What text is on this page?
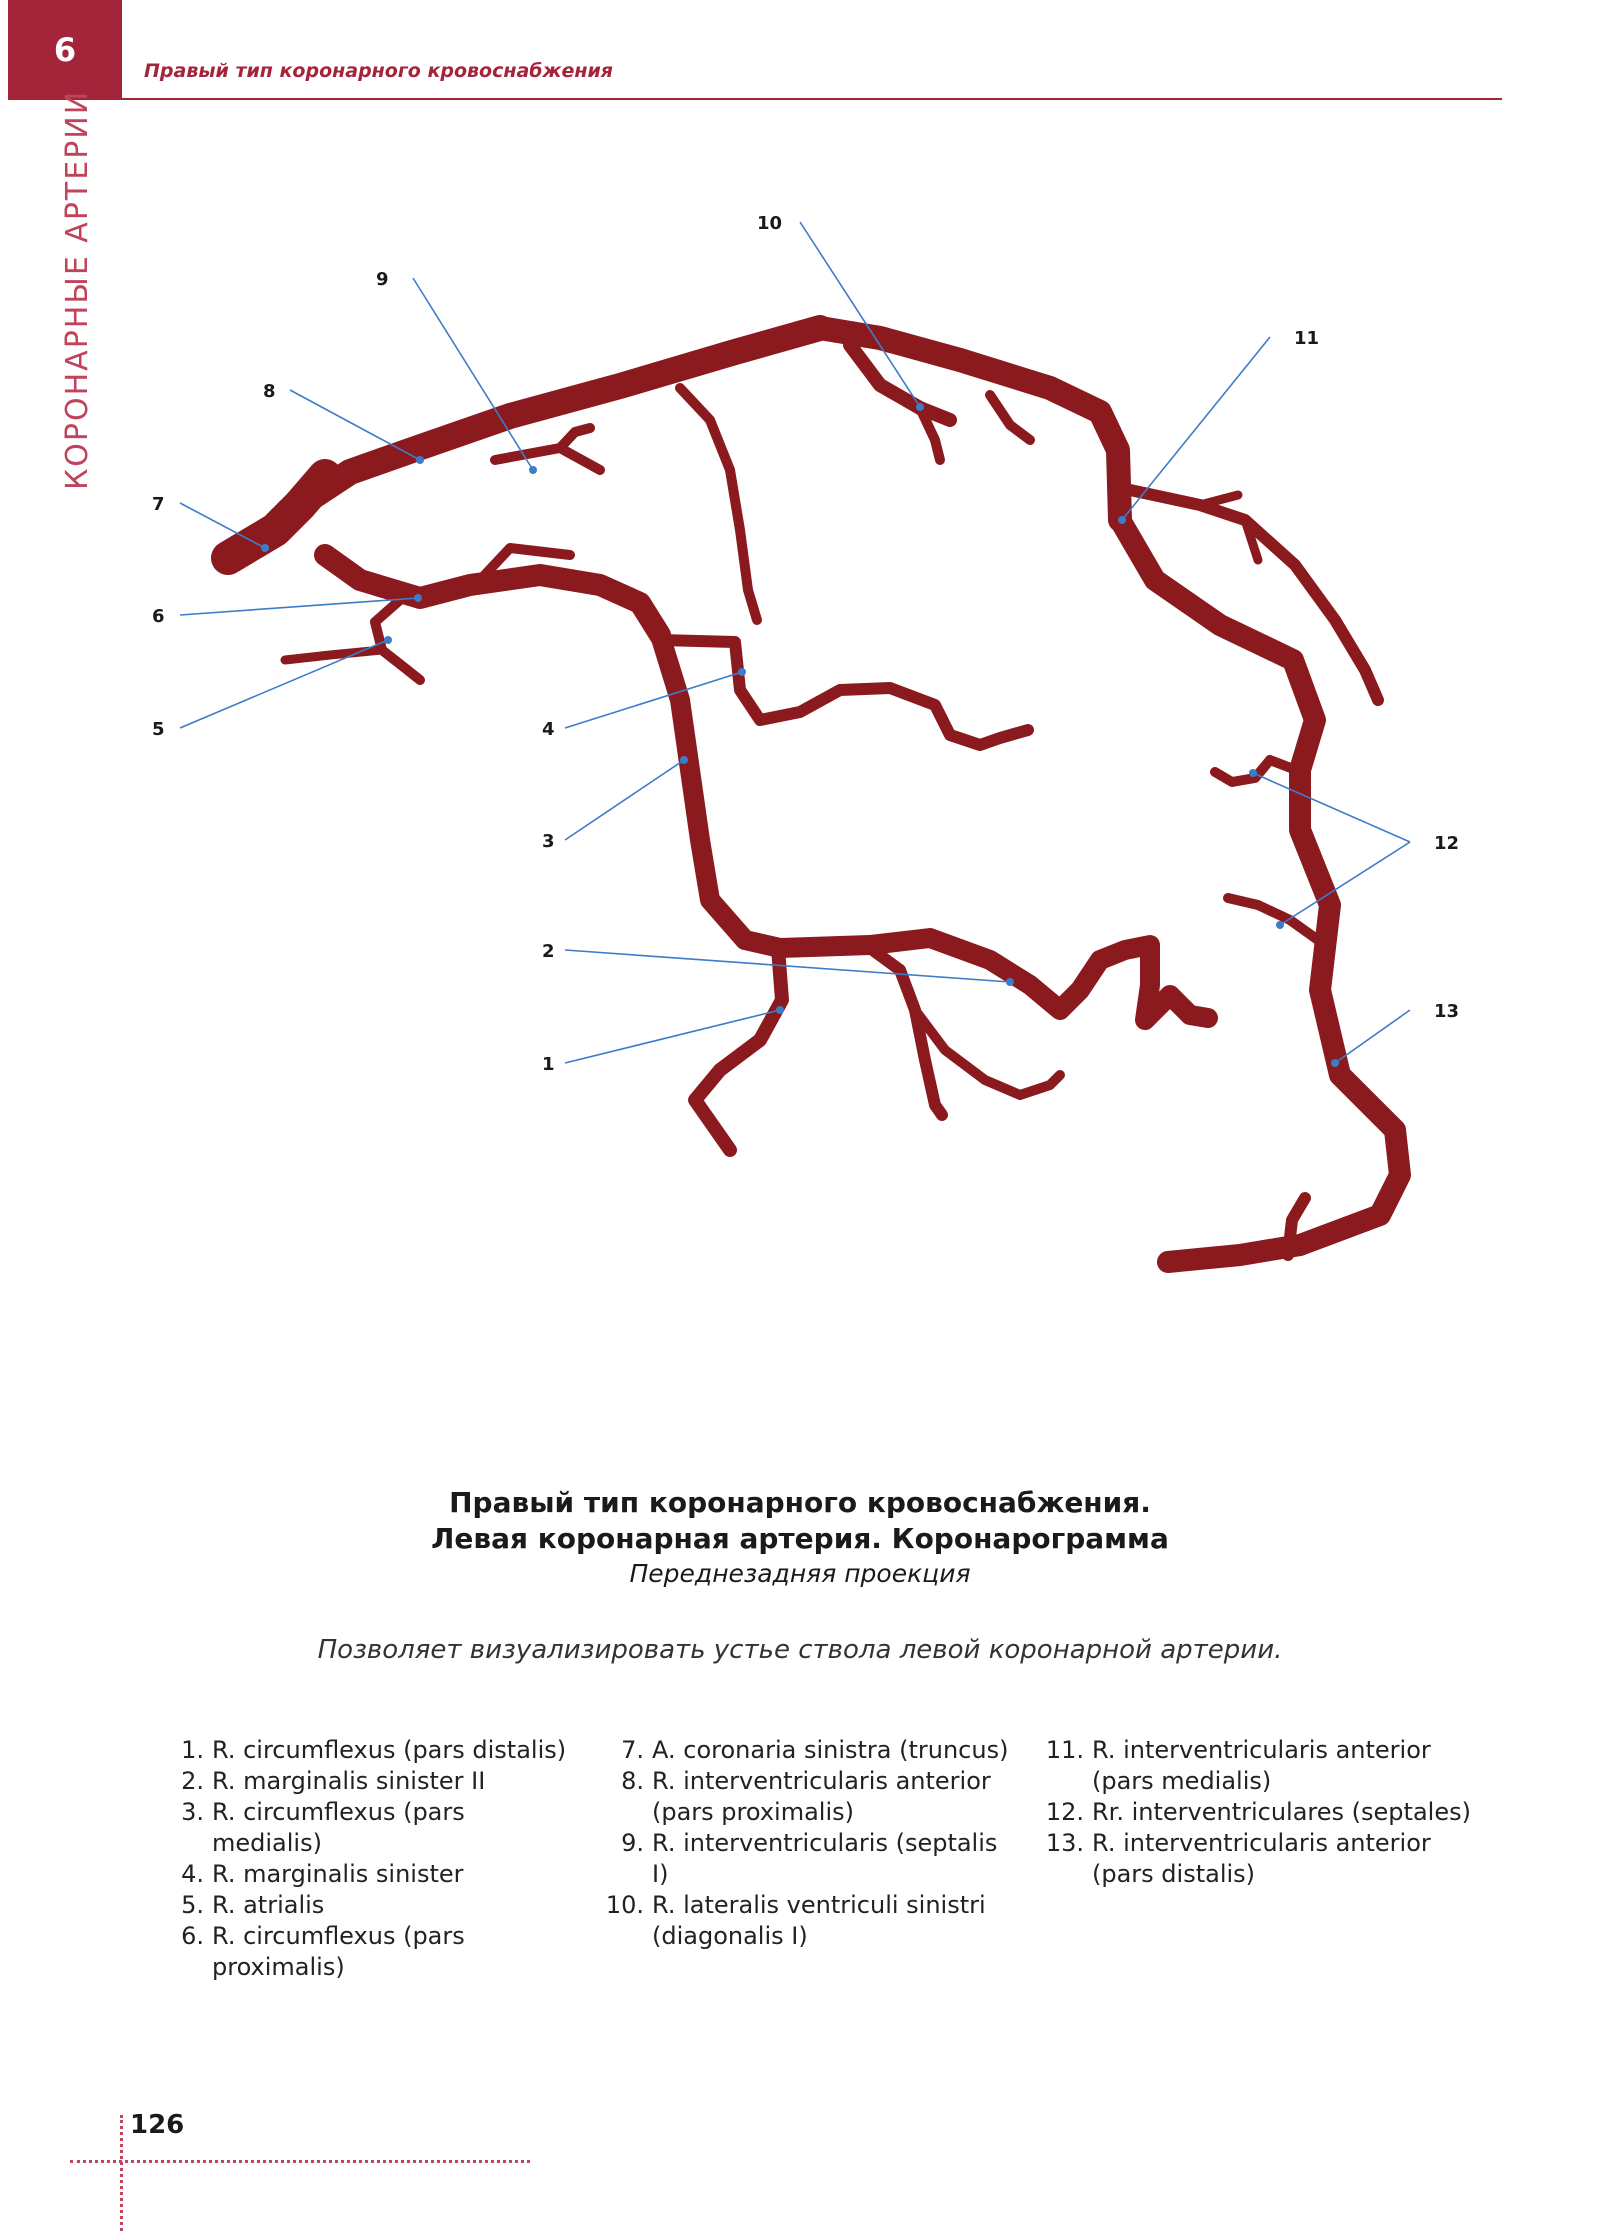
6
Правый тип коронарного кровоснабжения
КОРОНАРНЫЕ АРТЕРИИ
1
2
3
4
5
6
7
8
9
10
11
12
13
Правый тип коронарного кровоснабжения.
Левая коронарная артерия. Коронарограмма
Переднезадняя проекция
Позволяет визуализировать устье ствола левой коронарной артерии.
1. R. circumflexus (pars distalis)
2. R. marginalis sinister II
3. R. circumflexus (pars medialis)
4. R. marginalis sinister
5. R. atrialis
6. R. circumflexus (pars proximalis)
7. A. coronaria sinistra (truncus)
8. R. interventricularis anterior
(pars proximalis)
9. R. interventricularis (septalis I)
10. R. lateralis ventriculi sinistri
(diagonalis I)
11. R. interventricularis anterior
(pars medialis)
12. Rr. interventriculares (septales)
13. R. interventricularis anterior
(pars distalis)
126
